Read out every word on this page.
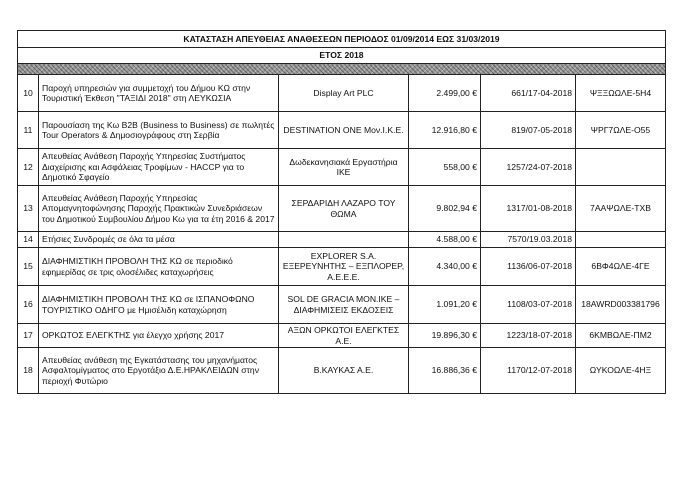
ΚΑΤΑΣΤΑΣΗ ΑΠΕΥΘΕΙΑΣ ΑΝΑΘΕΣΕΩΝ ΠΕΡΙΟΔΟΣ 01/09/2014 ΕΩΣ 31/03/2019					
ΕΤΟΣ 2018					

10	Παροχή υπηρεσιών για συμμετοχή του Δήμου ΚΩ στην Τουριστική Έκθεση "ΤΑΞΙΔΙ 2018" στη ΛΕΥΚΩΣΙΑ	Display Art PLC	2.499,00 €	661/17-04-2018	ΨΞΞΩΩΛΕ-5Η4
11	Παρουσίαση της Κω B2B (Business to Business) σε πωλητές Tour Operators & Δημοσιογράφους στη Σερβία	DESTINATION ONE Μον.Ι.Κ.Ε.	12.916,80 €	819/07-05-2018	ΨΡΓ7ΩΛΕ-Ο55
12	Απευθείας Ανάθεση Παροχής Υπηρεσίας Συστήματος Διαχείρισης και Ασφάλειας Τροφίμων - HACCP για το Δημοτικό Σφαγείο	Δωδεκανησιακά Εργαστήρια ΙΚΕ	558,00 €	1257/24-07-2018	
13	Απευθείας Ανάθεση Παροχής Υπηρεσίας Απομαγνητοφώνησης Παροχής Πρακτικών Συνεδριάσεων του Δημοτικού Συμβουλίου Δήμου Κω για τα έτη 2016 & 2017	ΣΕΡΔΑΡΙΔΗ ΛΑΖΑΡΟ ΤΟΥ ΘΩΜΑ	9.802,94 €	1317/01-08-2018	7ΑΑΨΩΛΕ-ΤΧΒ
14	Ετήσιες Συνδρομές σε όλα τα μέσα		4.588,00 €	7570/19.03.2018	
15	ΔΙΑΦΗΜΙΣΤΙΚΗ ΠΡΟΒΟΛΗ ΤΗΣ ΚΩ σε περιοδικό εφημερίδας σε τρις ολοσέλιδες καταχωρήσεις	EXPLORER S.A. ΕΞΕΡΕΥΝΗΤΗΣ – ΕΞΠΛΟΡΕΡ, Α.Ε.Ε.Ε.	4.340,00 €	1136/06-07-2018	6ΒΦ4ΩΛΕ-4ΓΕ
16	ΔΙΑΦΗΜΙΣΤΙΚΗ ΠΡΟΒΟΛΗ ΤΗΣ ΚΩ σε ΙΣΠΑΝΟΦΩΝΟ ΤΟΥΡΙΣΤΙΚΟ ΟΔΗΓΟ με Ημισέλιδη καταχώρηση	SOL DE GRACIA ΜΟΝ.ΙΚΕ – ΔΙΑΦΗΜΙΣΕΙΣ ΕΚΔΟΣΕΙΣ	1.091,20 €	1108/03-07-2018	18AWRD003381796
17	ΟΡΚΩΤΟΣ ΕΛΕΓΚΤΗΣ για έλεγχο χρήσης 2017	ΑΞΩΝ ΟΡΚΩΤΟΙ ΕΛΕΓΚΤΕΣ Α.Ε.	19.896,30 €	1223/18-07-2018	6ΚΜΒΩΛΕ-ΠΜ2
18	Απευθείας ανάθεση της Εγκατάστασης του μηχανήματος Ασφαλτομίγματος στο Εργοτάξιο Δ.Ε.ΗΡΑΚΛΕΙΔΩΝ στην περιοχή Φυτώριο	Β.ΚΑΥΚΑΣ Α.Ε.	16.886,36 €	1170/12-07-2018	ΩΥΚΟΩΛΕ-4ΗΞ
